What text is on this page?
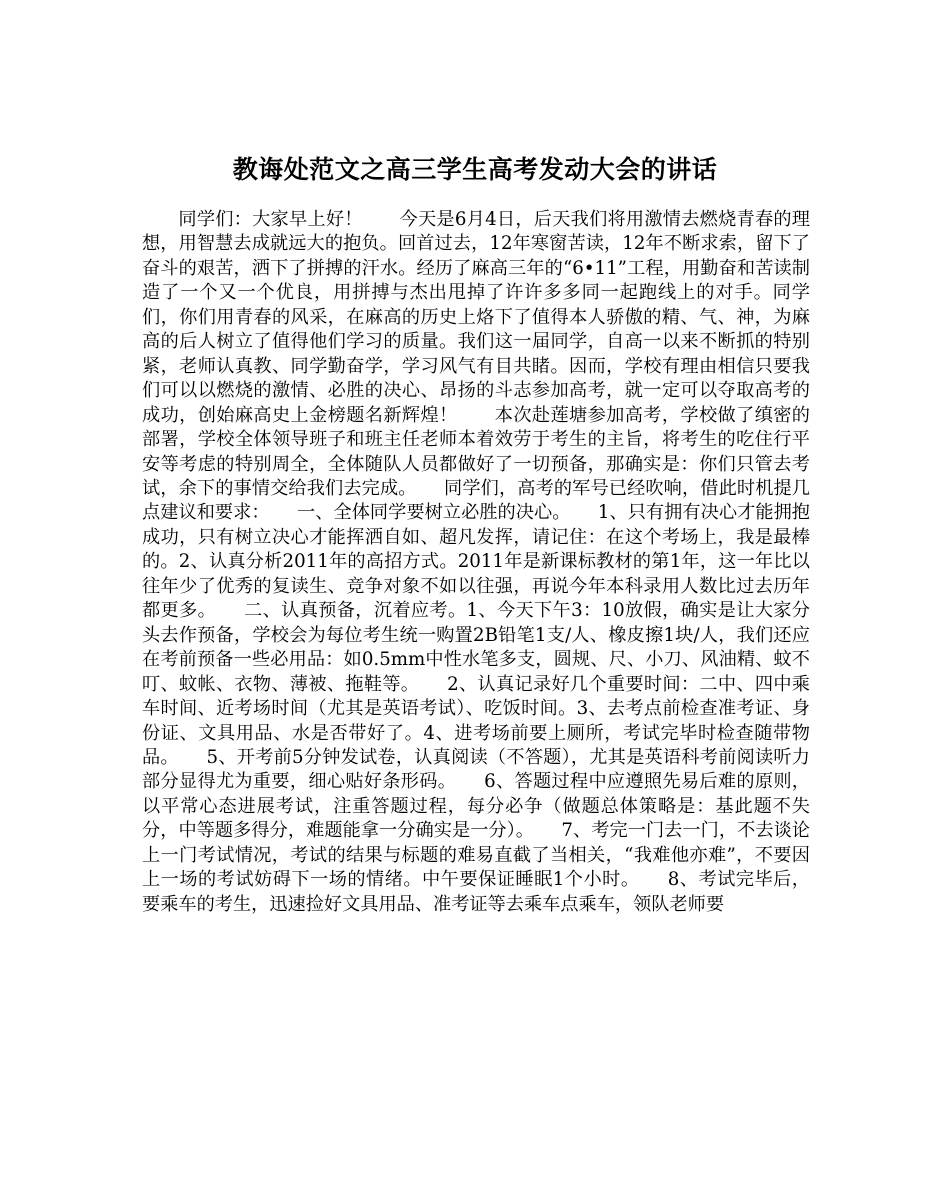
教诲处范文之高三学生高考发动大会的讲话

同学们：大家早上好！　　今天是6月4日，后天我们将用激情去燃烧青春的理想，用智慧去成就远大的抱负。回首过去，12年寒窗苦读，12年不断求索，留下了奋斗的艰苦，洒下了拼搏的汗水。经历了麻高三年的“6•11”工程，用勤奋和苦读制造了一个又一个优良，用拼搏与杰出甩掉了许许多多同一起跑线上的对手。同学们，你们用青春的风采，在麻高的历史上烙下了值得本人骄傲的精、气、神，为麻高的后人树立了值得他们学习的质量。我们这一届同学，自高一以来不断抓的特别紧，老师认真教、同学勤奋学，学习风气有目共睹。因而，学校有理由相信只要我们可以以燃烧的激情、必胜的决心、昂扬的斗志参加高考，就一定可以夺取高考的成功，创始麻高史上金榜题名新辉煌！　　本次赴莲塘参加高考，学校做了缜密的部署，学校全体领导班子和班主任老师本着效劳于考生的主旨，将考生的吃住行平安等考虑的特别周全，全体随队人员都做好了一切预备，那确实是：你们只管去考试，余下的事情交给我们去完成。　　同学们，高考的军号已经吹响，借此时机提几点建议和要求：　　一、全体同学要树立必胜的决心。　　1、只有拥有决心才能拥抱成功，只有树立决心才能挥洒自如、超凡发挥，请记住：在这个考场上，我是最棒的。2、认真分析2011年的高招方式。2011年是新课标教材的第1年，这一年比以往年少了优秀的复读生、竞争对象不如以往强，再说今年本科录用人数比过去历年都更多。　　二、认真预备，沉着应考。1、今天下午3：10放假，确实是让大家分头去作预备，学校会为每位考生统一购置2B铅笔1支/人、橡皮擦1块/人，我们还应在考前预备一些必用品：如0.5mm中性水笔多支，圆规、尺、小刀、风油精、蚊不叮、蚊帐、衣物、薄被、拖鞋等。　　2、认真记录好几个重要时间：二中、四中乘车时间、近考场时间（尤其是英语考试）、吃饭时间。3、去考点前检查准考证、身份证、文具用品、水是否带好了。4、进考场前要上厕所，考试完毕时检查随带物品。　　5、开考前5分钟发试卷，认真阅读（不答题），尤其是英语科考前阅读听力部分显得尤为重要，细心贴好条形码。　　6、答题过程中应遵照先易后难的原则，以平常心态进展考试，注重答题过程，每分必争（做题总体策略是：基此题不失分，中等题多得分，难题能拿一分确实是一分）。　　7、考完一门去一门，不去谈论上一门考试情况，考试的结果与标题的难易直截了当相关，“我难他亦难”，不要因上一场的考试妨碍下一场的情绪。中午要保证睡眠1个小时。　　8、考试完毕后，要乘车的考生，迅速捡好文具用品、准考证等去乘车点乘车，领队老师要
